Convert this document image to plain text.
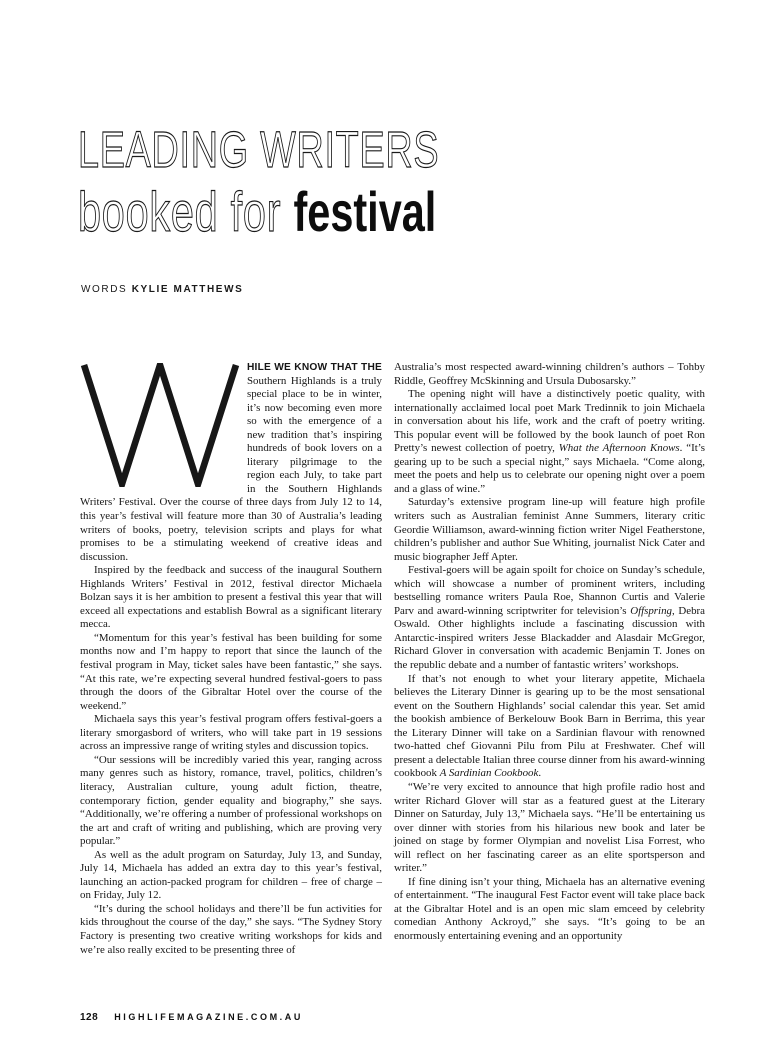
LEADING WRITERS
booked for festival
WORDS KYLIE MATTHEWS

HILE WE KNOW THAT THE Southern Highlands is a truly special place to be in winter, it’s now becoming even more so with the emergence of a new tradition that’s inspiring hundreds of book lovers on a literary pilgrimage to the region each July, to take part in the Southern Highlands Writers’ Festival. Over the course of three days from July 12 to 14, this year’s festival will feature more than 30 of Australia’s leading writers of books, poetry, television scripts and plays for what promises to be a stimulating weekend of creative ideas and discussion.

Inspired by the feedback and success of the inaugural Southern Highlands Writers’ Festival in 2012, festival director Michaela Bolzan says it is her ambition to present a festival this year that will exceed all expectations and establish Bowral as a significant literary mecca.

“Momentum for this year’s festival has been building for some months now and I’m happy to report that since the launch of the festival program in May, ticket sales have been fantastic,” she says. “At this rate, we’re expecting several hundred festival-goers to pass through the doors of the Gibraltar Hotel over the course of the weekend.”

Michaela says this year’s festival program offers festival-goers a literary smorgasbord of writers, who will take part in 19 sessions across an impressive range of writing styles and discussion topics.

“Our sessions will be incredibly varied this year, ranging across many genres such as history, romance, travel, politics, children’s literacy, Australian culture, young adult fiction, theatre, contemporary fiction, gender equality and biography,” she says. “Additionally, we’re offering a number of professional workshops on the art and craft of writing and publishing, which are proving very popular.”

As well as the adult program on Saturday, July 13, and Sunday, July 14, Michaela has added an extra day to this year’s festival, launching an action-packed program for children – free of charge – on Friday, July 12.

“It’s during the school holidays and there’ll be fun activities for kids throughout the course of the day,” she says. “The Sydney Story Factory is presenting two creative writing workshops for kids and we’re also really excited to be presenting three of

Australia’s most respected award-winning children’s authors – Tohby Riddle, Geoffrey McSkinning and Ursula Dubosarsky.”

The opening night will have a distinctively poetic quality, with internationally acclaimed local poet Mark Tredinnik to join Michaela in conversation about his life, work and the craft of poetry writing. This popular event will be followed by the book launch of poet Ron Pretty’s newest collection of poetry, What the Afternoon Knows. “It’s gearing up to be such a special night,” says Michaela. “Come along, meet the poets and help us to celebrate our opening night over a poem and a glass of wine.”

Saturday’s extensive program line-up will feature high profile writers such as Australian feminist Anne Summers, literary critic Geordie Williamson, award-winning fiction writer Nigel Featherstone, children’s publisher and author Sue Whiting, journalist Nick Cater and music biographer Jeff Apter.

Festival-goers will be again spoilt for choice on Sunday’s schedule, which will showcase a number of prominent writers, including bestselling romance writers Paula Roe, Shannon Curtis and Valerie Parv and award-winning scriptwriter for television’s Offspring, Debra Oswald. Other highlights include a fascinating discussion with Antarctic-inspired writers Jesse Blackadder and Alasdair McGregor, Richard Glover in conversation with academic Benjamin T. Jones on the republic debate and a number of fantastic writers’ workshops.

If that’s not enough to whet your literary appetite, Michaela believes the Literary Dinner is gearing up to be the most sensational event on the Southern Highlands’ social calendar this year. Set amid the bookish ambience of Berkelouw Book Barn in Berrima, this year the Literary Dinner will take on a Sardinian flavour with renowned two-hatted chef Giovanni Pilu from Pilu at Freshwater. Chef will present a delectable Italian three course dinner from his award-winning cookbook A Sardinian Cookbook.

“We’re very excited to announce that high profile radio host and writer Richard Glover will star as a featured guest at the Literary Dinner on Saturday, July 13,” Michaela says. “He’ll be entertaining us over dinner with stories from his hilarious new book and later be joined on stage by former Olympian and novelist Lisa Forrest, who will reflect on her fascinating career as an elite sportsperson and writer.”

If fine dining isn’t your thing, Michaela has an alternative evening of entertainment. “The inaugural Fest Factor event will take place back at the Gibraltar Hotel and is an open mic slam emceed by celebrity comedian Anthony Ackroyd,” she says. “It’s going to be an enormously entertaining evening and an opportunity

128 HIGHLIFEMAGAZINE.COM.AU
